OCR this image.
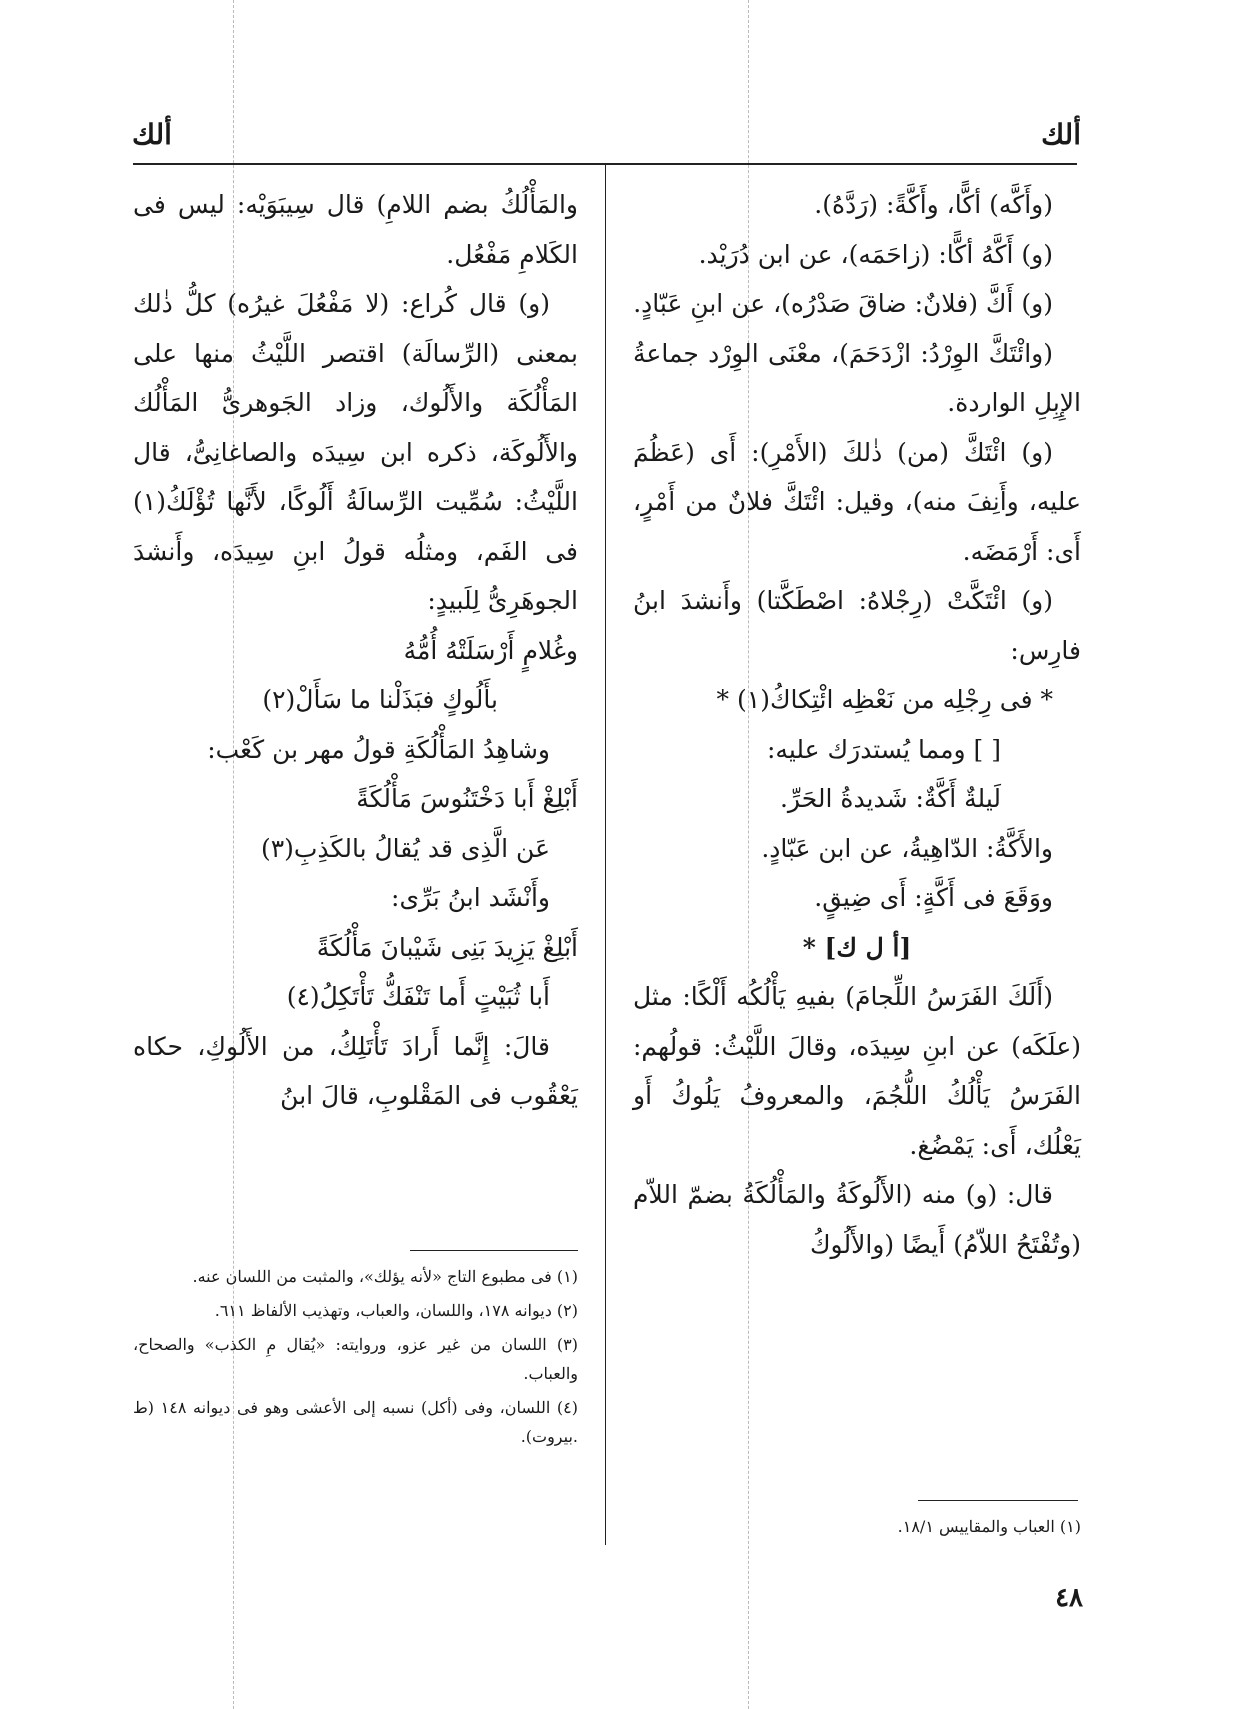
ألك
ألك

(وأَكَّه) أكًّا، وأَكَّةً: (رَدَّهُ).

(و) أَكَّهُ أكًّا: (زاحَمَه)، عن ابن دُرَيْد.

(و) أَكَّ (فلانٌ: ضاقَ صَدْرُه)، عن ابنِ عَبّادٍ.

(وائْتَكَّ الوِرْدُ: ازْدَحَمَ)، معْنَى الوِرْد جماعةُ الإِبِلِ الواردة.

(و) ائْتَكَّ (من) ذٰلكَ (الأَمْرِ): أَى (عَظُمَ عليه، وأَنِفَ منه)، وقيل: ائْتَكَّ فلانٌ من أَمْرٍ، أَى: أَرْمَضَه.

(و) ائْتَكَّتْ (رِجْلاهُ: اصْطَكَّتا) وأَنشدَ ابنُ فارِس:

* فى رِجْلِه من نَعْظِه ائْتِكاكُ(١) *

[ ] ومما يُستدرَك عليه:

لَيلةٌ أَكَّةٌ: شَديدةُ الحَرِّ.

والأَكَّةُ: الدّاهِيةُ، عن ابن عَبّادٍ.

ووَقَعَ فى أَكَّةٍ: أَى ضِيقٍ.

[أ ل ك] *

(أَلَكَ الفَرَسُ اللِّجامَ) بفيهِ يَأْلُكُه أَلْكًا: مثل (علَكَه) عن ابنِ سِيدَه، وقالَ اللَّيْثُ: قولُهم: الفَرَسُ يَأْلُكُ اللُّجُمَ، والمعروفُ يَلُوكُ أَو يَعْلُك، أَى: يَمْضُغ.

قال: (و) منه (الأَلُوكَةُ والمَأْلُكَةُ بضمّ اللاّم (وتُفْتَحُ اللاّمُ) أَيضًا (والأَلُوكُ

والمَأْلُكُ بضم اللامِ) قال سِيبَوَيْه: ليس فى الكَلامِ مَفْعُل.

(و) قال كُراع: (لا مَفْعُلَ غيرُه) كلُّ ذٰلك بمعنى (الرِّسالَة) اقتصر اللَّيْثُ منها على المَأْلُكَة والأَلُوك، وزاد الجَوهرىُّ المَأْلُك والأَلُوكَة، ذكره ابن سِيدَه والصاغانِىُّ، قال اللَّيْثُ: سُمِّيت الرِّسالَةُ أَلُوكًا، لأَنَّها تُؤْلَكُ(١) فى الفَم، ومثلُه قولُ ابنِ سِيدَه، وأَنشدَ الجوهَرِىُّ لِلَبيدٍ:

وغُلامٍ أَرْسَلَتْهُ أُمُّهُ

بأَلُوكٍ فبَذَلْنا ما سَأَلْ(٢)

وشاهِدُ المَأْلُكَةِ قولُ مهر بن كَعْب:

أَبْلِغْ أَبا دَخْتَنُوسَ مَأْلُكَةً

عَن الَّذِى قد يُقالُ بالكَذِبِ(٣)

وأَنْشَد ابنُ بَرِّى:

أَبْلِغْ يَزِيدَ بَنِى شَيْبانَ مَأْلُكَةً

أَبا ثُبَيْتٍ أَما تَنْفَكُّ تَأْتَكِلُ(٤)

قالَ: إِنَّما أَرادَ تَأْتَلِكُ، من الأَلُوكِ، حكاه يَعْقُوب فى المَقْلوبِ، قالَ ابنُ

(١) فى مطبوع التاج «لأنه يؤلك»، والمثبت من اللسان عنه.

(٢) ديوانه ١٧٨، واللسان، والعباب، وتهذيب الألفاظ ٦١١.

(٣) اللسان من غير عزو، وروايته: «يُقال مِ الكذب» والصحاح، والعباب.

(٤) اللسان، وفى (أكل) نسبه إلى الأعشى وهو فى ديوانه ١٤٨ (ط .بيروت).

(١) العباب والمقاييس ١٨/١.

٤٨
